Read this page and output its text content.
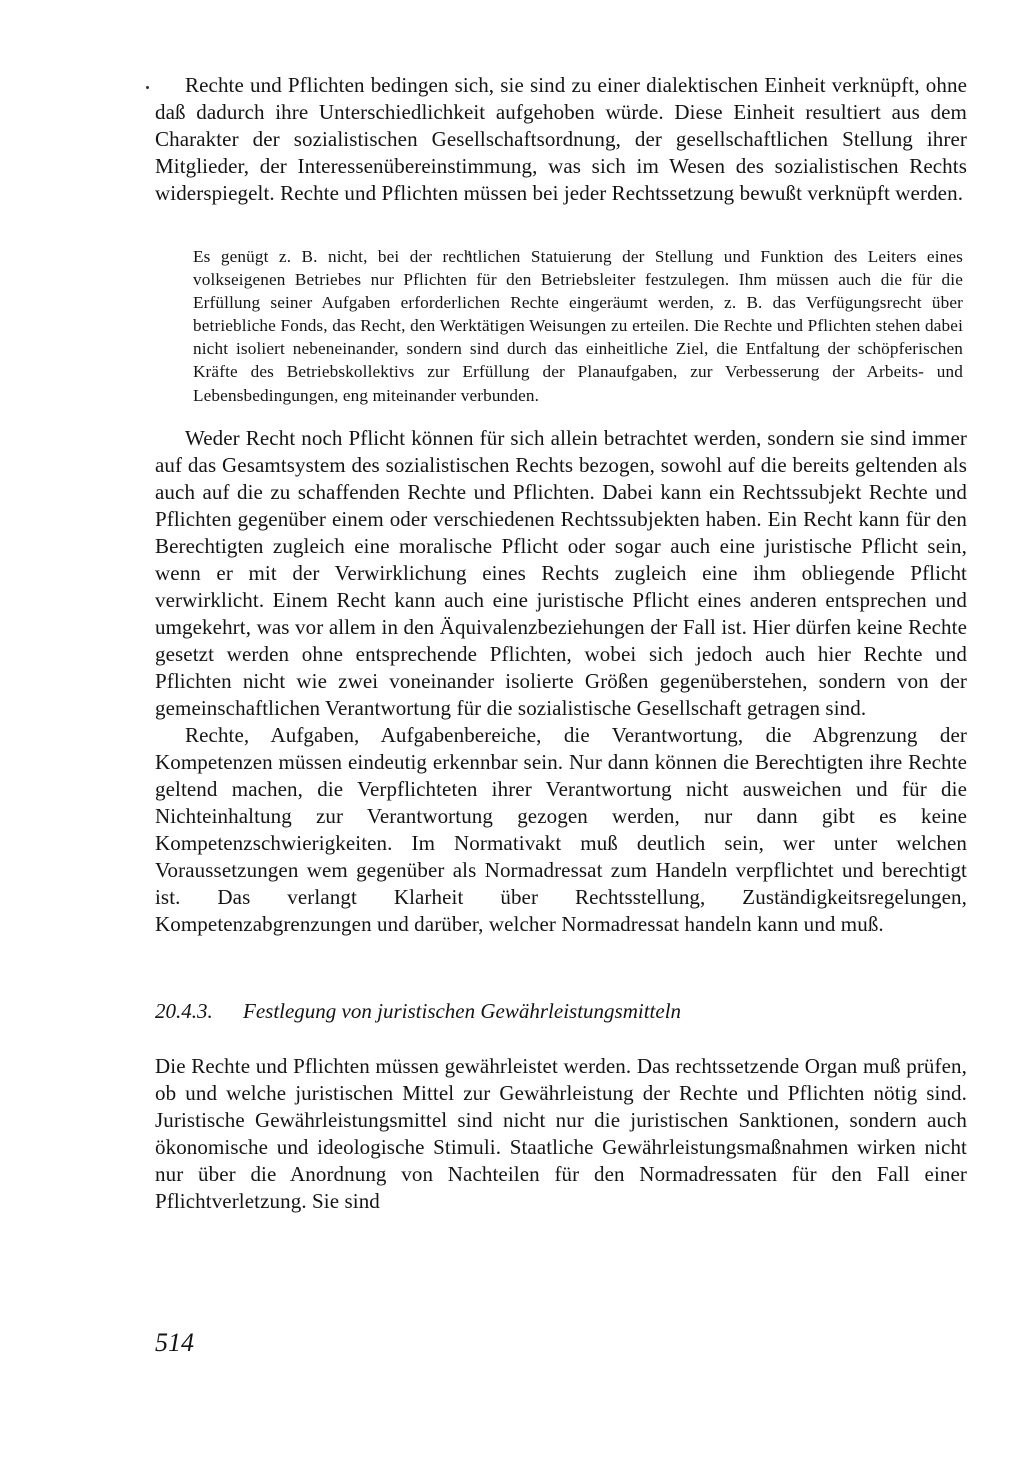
Rechte und Pflichten bedingen sich, sie sind zu einer dialektischen Einheit verknüpft, ohne daß dadurch ihre Unterschiedlichkeit aufgehoben würde. Diese Einheit resultiert aus dem Charakter der sozialistischen Gesellschaftsordnung, der gesellschaftlichen Stellung ihrer Mitglieder, der Interessenübereinstimmung, was sich im Wesen des sozialistischen Rechts widerspiegelt. Rechte und Pflichten müssen bei jeder Rechtssetzung bewußt verknüpft werden.

Es genügt z. B. nicht, bei der rechtlichen Statuierung der Stellung und Funktion des Leiters eines volkseigenen Betriebes nur Pflichten für den Betriebsleiter festzulegen. Ihm müssen auch die für die Erfüllung seiner Aufgaben erforderlichen Rechte eingeräumt werden, z. B. das Verfügungsrecht über betriebliche Fonds, das Recht, den Werktätigen Weisungen zu erteilen. Die Rechte und Pflichten stehen dabei nicht isoliert nebeneinander, sondern sind durch das einheitliche Ziel, die Entfaltung der schöpferischen Kräfte des Betriebskollektivs zur Erfüllung der Planaufgaben, zur Verbesserung der Arbeits- und Lebensbedingungen, eng miteinander verbunden.

Weder Recht noch Pflicht können für sich allein betrachtet werden, sondern sie sind immer auf das Gesamtsystem des sozialistischen Rechts bezogen, sowohl auf die bereits geltenden als auch auf die zu schaffenden Rechte und Pflichten. Dabei kann ein Rechtssubjekt Rechte und Pflichten gegenüber einem oder verschiedenen Rechtssubjekten haben. Ein Recht kann für den Berechtigten zugleich eine moralische Pflicht oder sogar auch eine juristische Pflicht sein, wenn er mit der Verwirklichung eines Rechts zugleich eine ihm obliegende Pflicht verwirklicht. Einem Recht kann auch eine juristische Pflicht eines anderen entsprechen und umgekehrt, was vor allem in den Äquivalenzbeziehungen der Fall ist. Hier dürfen keine Rechte gesetzt werden ohne entsprechende Pflichten, wobei sich jedoch auch hier Rechte und Pflichten nicht wie zwei voneinander isolierte Größen gegenüberstehen, sondern von der gemeinschaftlichen Verantwortung für die sozialistische Gesellschaft getragen sind.

Rechte, Aufgaben, Aufgabenbereiche, die Verantwortung, die Abgrenzung der Kompetenzen müssen eindeutig erkennbar sein. Nur dann können die Berechtigten ihre Rechte geltend machen, die Verpflichteten ihrer Verantwortung nicht ausweichen und für die Nichteinhaltung zur Verantwortung gezogen werden, nur dann gibt es keine Kompetenzschwierigkeiten. Im Normativakt muß deutlich sein, wer unter welchen Voraussetzungen wem gegenüber als Normadressat zum Handeln verpflichtet und berechtigt ist. Das verlangt Klarheit über Rechtsstellung, Zuständigkeitsregelungen, Kompetenzabgrenzungen und darüber, welcher Normadressat handeln kann und muß.

20.4.3.	Festlegung von juristischen Gewährleistungsmitteln

Die Rechte und Pflichten müssen gewährleistet werden. Das rechtssetzende Organ muß prüfen, ob und welche juristischen Mittel zur Gewährleistung der Rechte und Pflichten nötig sind. Juristische Gewährleistungsmittel sind nicht nur die juristischen Sanktionen, sondern auch ökonomische und ideologische Stimuli. Staatliche Gewährleistungsmaßnahmen wirken nicht nur über die Anordnung von Nachteilen für den Normadressaten für den Fall einer Pflichtverletzung. Sie sind

514
